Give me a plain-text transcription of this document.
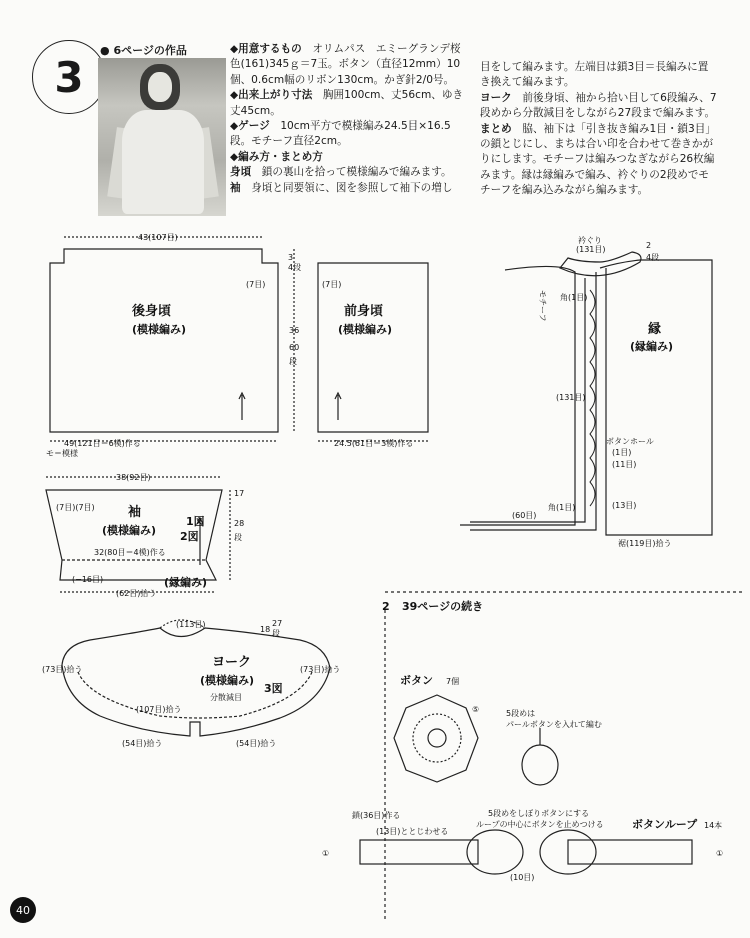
3
● 6ページの作品	◆用意するもの　 オリムパス　エミーグランデ桜色(161)345ｇ＝7玉。ボタン（直径12mm）10個、0.6cm幅のリボン130cm。かぎ針2/0号。

◆出来上がり寸法　 胸囲100cm、丈56cm、ゆき丈45cm。

◆ゲージ　 10cm平方で模様編み24.5目×16.5段。モチーフ直径2cm。

◆編み方・まとめ方

身頃　 鎖の裏山を拾って模様編みで編みます。

袖　 身頃と同要領に、図を参照して袖下の増し

目をして編みます。左端目は鎖3目＝長編みに置き換えて編みます。

ヨーク　 前後身頃、袖から拾い目して6段編み、7段めから分散減目をしながら27段まで編みます。

まとめ　 脇、袖下は「引き抜き編み1目・鎖3目」の鎖とじにし、まちは合い印を合わせて巻きかがりにします。モチーフは編みつなぎながら26枚編みます。縁は縁編みで編み、衿ぐりの2段めでモチーフを編み込みながら編みます。

後身頃
(模様編み)
43(107目)
49(121目＝6模)作る
(7目)
モ＝模様
前身頃
(模様編み)
(7目)
24.5(61目＝3模)作る
3
4段
36
60
段
袖
(模様編み)
38(92目)
(7目)(7目)
1図
2図
32(80目＝4模)作る
(縁編み)
(−16目)
(62目)拾う
17
28
段
ヨーク
(模様編み)
3図
分散減目
(113目)
(73目)拾う	(73目)拾う
(107目)拾う
(54目)拾う	(54目)拾う
18
27
段
縁
(縁編み)
衿ぐり
(131目)	2
4段
モチーフ 角(1目)
(131目)
ボタンホール
(1目)
(11目)
(13目)
角(1目)
(60目)
裾(119目)拾う
2 39ページの続き
ボタン 7個
⑤	5段めは
パールボタンを入れて編む
5段めをしぼりボタンにする
ループの中心にボタンを止めつける	ボタンループ 14本
鎖(36目)作る
(13目)ととじわせる
(10目)
①	①
40
